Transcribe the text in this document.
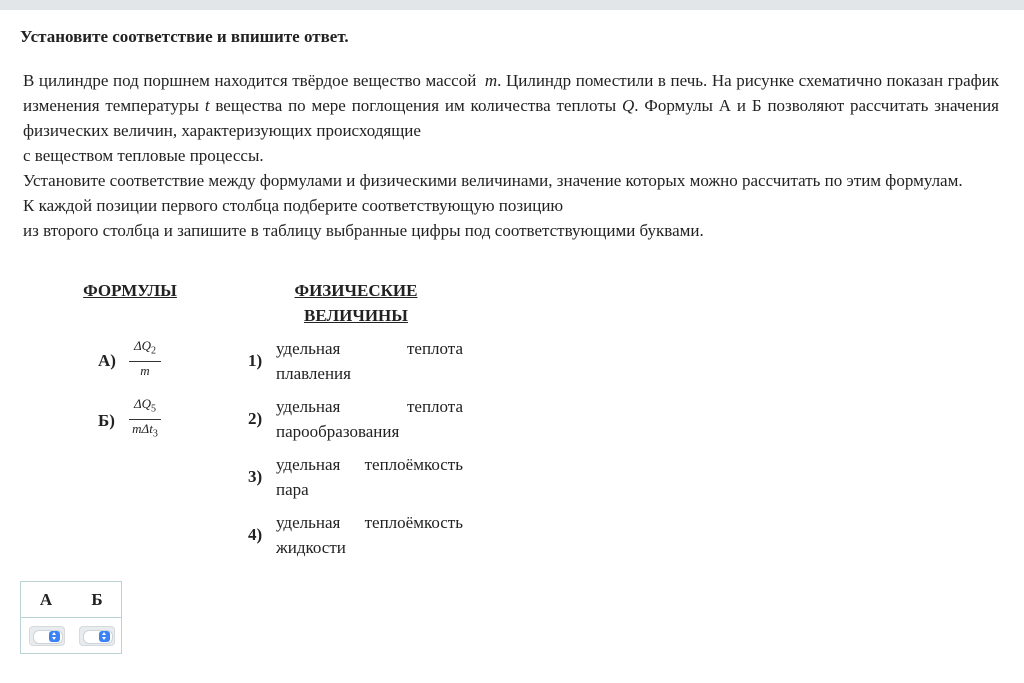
Установите соответствие и впишите ответ.

В цилиндре под поршнем находится твёрдое вещество массой m. Цилиндр поместили в печь. На рисунке схематично показан график изменения температуры t вещества по мере поглощения им количества теплоты Q. Формулы А и Б позволяют рассчитать значения физических величин, характеризующих происходящие

с веществом тепловые процессы.

Установите соответствие между формулами и физическими величинами, значение которых можно рассчитать по этим формулам.

К каждой позиции первого столбца подберите соответствующую позицию

из второго столбца и запишите в таблицу выбранные цифры под соответствующими буквами.

ФОРМУЛЫ	ФИЗИЧЕСКИЕ
ВЕЛИЧИНЫ
$А) \frac{\Delta Q_2}{m}$
Б)
$\Delta Q_5$
mΔt$_3$
1)
удельная теплота
плавления
2)
удельная теплота
парообразования
3)
удельная теплоёмкость
пара
4)
удельная теплоёмкость
жидкости
А	Б
